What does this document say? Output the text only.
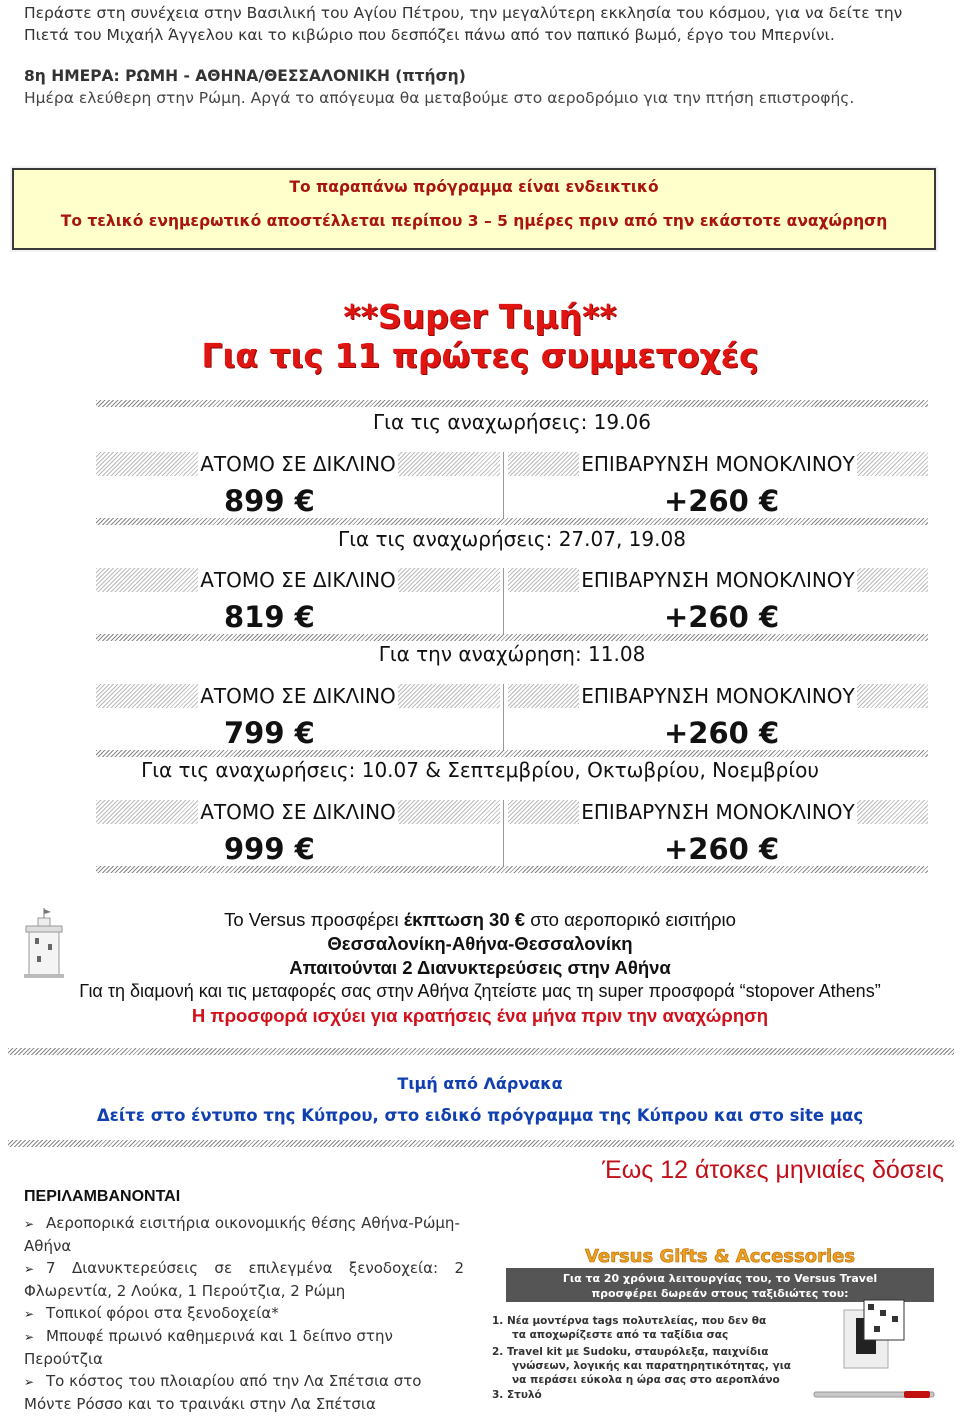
Περάστε στη συνέχεια στην Βασιλική του Αγίου Πέτρου, την μεγαλύτερη εκκλησία του κόσμου, για να δείτε την Πιετά του Μιχαήλ Άγγελου και το κιβώριο που δεσπόζει πάνω από τον παπικό βωμό, έργο του Μπερνίνι.
8η ΗΜΕΡΑ: ΡΩΜΗ - ΑΘΗΝΑ/ΘΕΣΣΑΛΟΝΙΚΗ (πτήση)
Ημέρα ελεύθερη στην Ρώμη. Αργά το απόγευμα θα μεταβούμε στο αεροδρόμιο για την πτήση επιστροφής.
Το παραπάνω πρόγραμμα είναι ενδεικτικό
Το τελικό ενημερωτικό αποστέλλεται περίπου 3 – 5 ημέρες πριν από την εκάστοτε αναχώρηση
**Super Τιμή**
Για τις 11 πρώτες συμμετοχές
Για τις αναχωρήσεις: 19.06
ΑΤΟΜΟ ΣΕ ΔΙΚΛΙΝΟ	ΕΠΙΒΑΡΥΝΣΗ ΜΟΝΟΚΛΙΝΟΥ
899 €	+260 €
Για τις αναχωρήσεις: 27.07, 19.08
ΑΤΟΜΟ ΣΕ ΔΙΚΛΙΝΟ	ΕΠΙΒΑΡΥΝΣΗ ΜΟΝΟΚΛΙΝΟΥ
819 €	+260 €
Για την αναχώρηση: 11.08
ΑΤΟΜΟ ΣΕ ΔΙΚΛΙΝΟ	ΕΠΙΒΑΡΥΝΣΗ ΜΟΝΟΚΛΙΝΟΥ
799 €	+260 €
Για τις αναχωρήσεις: 10.07 & Σεπτεμβρίου, Οκτωβρίου, Νοεμβρίου
ΑΤΟΜΟ ΣΕ ΔΙΚΛΙΝΟ	ΕΠΙΒΑΡΥΝΣΗ ΜΟΝΟΚΛΙΝΟΥ
999 €	+260 €
Το Versus προσφέρει έκπτωση 30 € στο αεροπορικό εισιτήριο
Θεσσαλονίκη-Αθήνα-Θεσσαλονίκη
Απαιτούνται 2 Διανυκτερεύσεις στην Αθήνα
Για τη διαμονή και τις μεταφορές σας στην Αθήνα ζητείστε μας τη super προσφορά “stopover Athens”
Η προσφορά ισχύει για κρατήσεις ένα μήνα πριν την αναχώρηση
Τιμή από Λάρνακα
Δείτε στο έντυπο της Κύπρου, στο ειδικό πρόγραμμα της Κύπρου και στο site μας
Έως 12 άτοκες μηνιαίες δόσεις
ΠΕΡΙΛΑΜΒΑΝΟΝΤΑΙ
➢ Αεροπορικά εισιτήρια οικονομικής θέσης Αθήνα-Ρώμη-Αθήνα
➢ 7 Διανυκτερεύσεις σε επιλεγμένα ξενοδοχεία: 2 Φλωρεντία, 2 Λούκα, 1 Περούτζια, 2 Ρώμη
➢ Τοπικοί φόροι στα ξενοδοχεία*
➢ Μπουφέ πρωινό καθημερινά και 1 δείπνο στην Περούτζια
➢ Το κόστος του πλοιαρίου από την Λα Σπέτσια στο Μόντε Ρόσσο και το τραινάκι στην Λα Σπέτσια
Versus Gifts & Accessories
Για τα 20 χρόνια λειτουργίας του, το Versus Travel
προσφέρει δωρεάν στους ταξιδιώτες του:
1. Νέα μοντέρνα tags πολυτελείας, που δεν θα
τα αποχωρίζεστε από τα ταξίδια σας
2. Travel kit με Sudoku, σταυρόλεξα, παιχνίδια
γνώσεων, λογικής και παρατηρητικότητας, για
να περάσει εύκολα η ώρα σας στο αεροπλάνο
3. Στυλό
